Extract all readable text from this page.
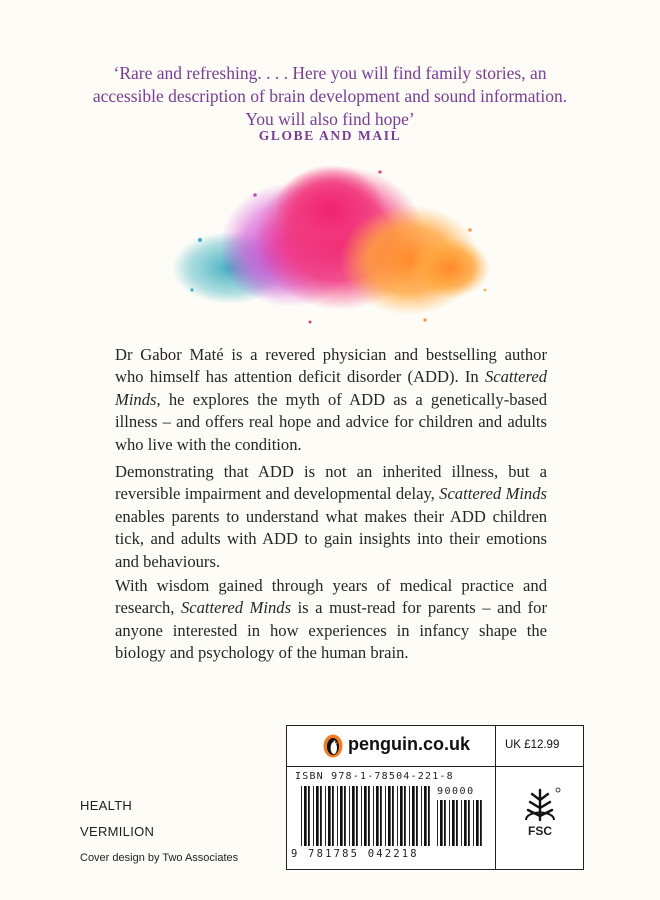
‘Rare and refreshing. . . . Here you will find family stories, an accessible description of brain development and sound information. You will also find hope’
GLOBE AND MAIL

Dr Gabor Maté is a revered physician and bestselling author who himself has attention deficit disorder (ADD). In Scattered Minds, he explores the myth of ADD as a genetically-based illness – and offers real hope and advice for children and adults who live with the condition.

Demonstrating that ADD is not an inherited illness, but a reversible impairment and developmental delay, Scattered Minds enables parents to understand what makes their ADD children tick, and adults with ADD to gain insights into their emotions and behaviours.

With wisdom gained through years of medical practice and research, Scattered Minds is a must-read for parents – and for anyone interested in how experiences in infancy shape the biology and psychology of the human brain.

HEALTH
VERMILION
Cover design by Two Associates
penguin.co.uk	UK £12.99
ISBN 978-1-78504-221-8
90000
9 781785 042218
FSC
